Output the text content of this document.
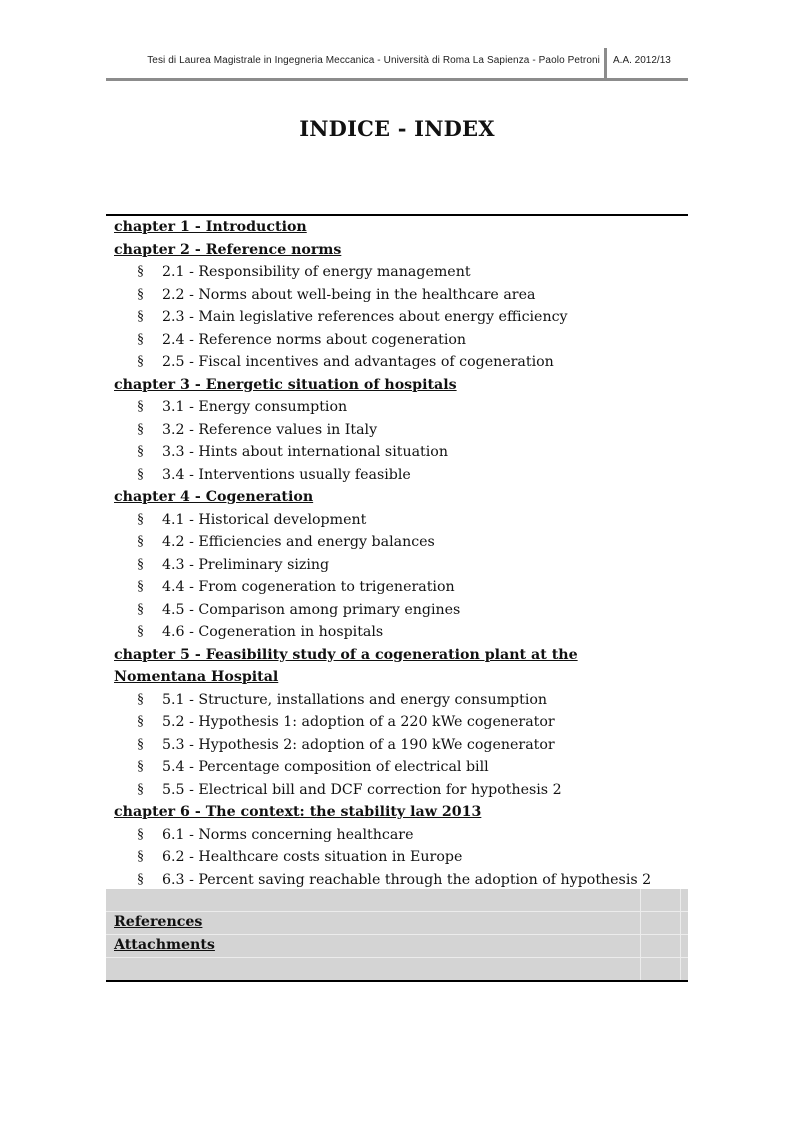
Tesi di Laurea Magistrale in Ingegneria Meccanica - Università di Roma La Sapienza - Paolo Petroni A.A. 2012/13
INDICE - INDEX
chapter 1 - Introduction
chapter 2 - Reference norms
§ 2.1 - Responsibility of energy management
§ 2.2 - Norms about well-being in the healthcare area
§ 2.3 - Main legislative references about energy efficiency
§ 2.4 - Reference norms about cogeneration
§ 2.5 - Fiscal incentives and advantages of cogeneration
chapter 3 - Energetic situation of hospitals
§ 3.1 - Energy consumption
§ 3.2 - Reference values in Italy
§ 3.3 - Hints about international situation
§ 3.4 - Interventions usually feasible
chapter 4 - Cogeneration
§ 4.1 - Historical development
§ 4.2 - Efficiencies and energy balances
§ 4.3 - Preliminary sizing
§ 4.4 - From cogeneration to trigeneration
§ 4.5 - Comparison among primary engines
§ 4.6 - Cogeneration in hospitals
chapter 5 - Feasibility study of a cogeneration plant at the
Nomentana Hospital
§ 5.1 - Structure, installations and energy consumption
§ 5.2 - Hypothesis 1: adoption of a 220 kWe cogenerator
§ 5.3 - Hypothesis 2: adoption of a 190 kWe cogenerator
§ 5.4 - Percentage composition of electrical bill
§ 5.5 - Electrical bill and DCF correction for hypothesis 2
chapter 6 - The context: the stability law 2013
§ 6.1 - Norms concerning healthcare
§ 6.2 - Healthcare costs situation in Europe
§ 6.3 - Percent saving reachable through the adoption of hypothesis 2
References
Attachments
